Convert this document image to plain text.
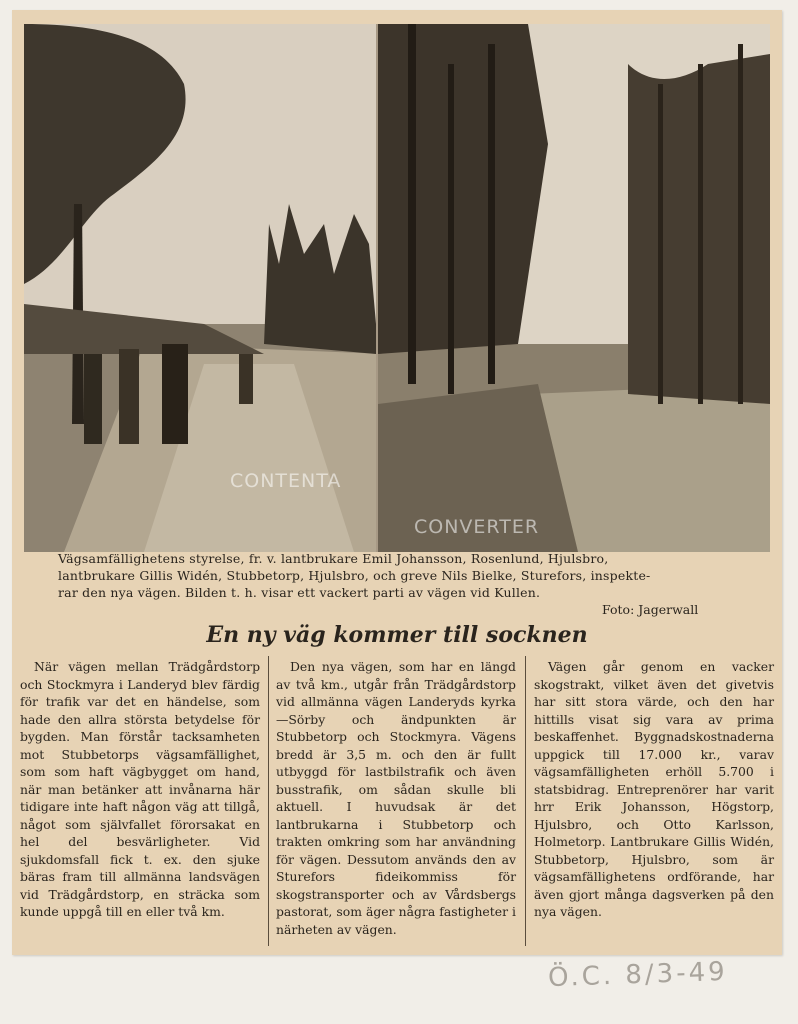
CONTENTA
CONVERTER
Vägsamfällighetens styrelse, fr. v. lantbrukare Emil Johansson, Rosenlund, Hjulsbro,
lantbrukare Gillis Widén, Stubbetorp, Hjulsbro, och greve Nils Bielke, Sturefors, inspekte-
rar den nya vägen. Bilden t. h. visar ett vackert parti av vägen vid Kullen.
Foto: Jagerwall
En ny väg kommer till socknen

När vägen mellan Trädgårdstorp och Stockmyra i Landeryd blev färdig för trafik var det en händelse, som hade den allra största betydelse för bygden. Man förstår tacksamheten mot Stubbetorps vägsamfällighet, som som haft vägbygget om hand, när man betänker att invånarna här tidigare inte haft någon väg att tillgå, något som självfallet förorsakat en hel del besvärligheter. Vid sjukdomsfall fick t. ex. den sjuke bäras fram till allmänna landsvägen vid Trädgårdstorp, en sträcka som kunde uppgå till en eller två km.

Den nya vägen, som har en längd av två km., utgår från Trädgårdstorp vid allmänna vägen Landeryds kyrka—Sörby och ändpunkten är Stubbetorp och Stockmyra. Vägens bredd är 3,5 m. och den är fullt utbyggd för lastbilstrafik och även busstrafik, om sådan skulle bli aktuell. I huvudsak är det lantbrukarna i Stubbetorp och trakten omkring som har användning för vägen. Dessutom används den av Sturefors fideikommiss för skogstransporter och av Vårdsbergs pastorat, som äger några fastigheter i närheten av vägen.

Vägen går genom en vacker skogstrakt, vilket även det givetvis har sitt stora värde, och den har hittills visat sig vara av prima beskaffenhet. Byggnadskostnaderna uppgick till 17.000 kr., varav vägsamfälligheten erhöll 5.700 i statsbidrag. Entreprenörer har varit hrr Erik Johansson, Högstorp, Hjulsbro, och Otto Karlsson, Holmetorp. Lantbrukare Gillis Widén, Stubbetorp, Hjulsbro, som är vägsamfällighetens ordförande, har även gjort många dagsverken på den nya vägen.

Ö.C. 8/3-49
